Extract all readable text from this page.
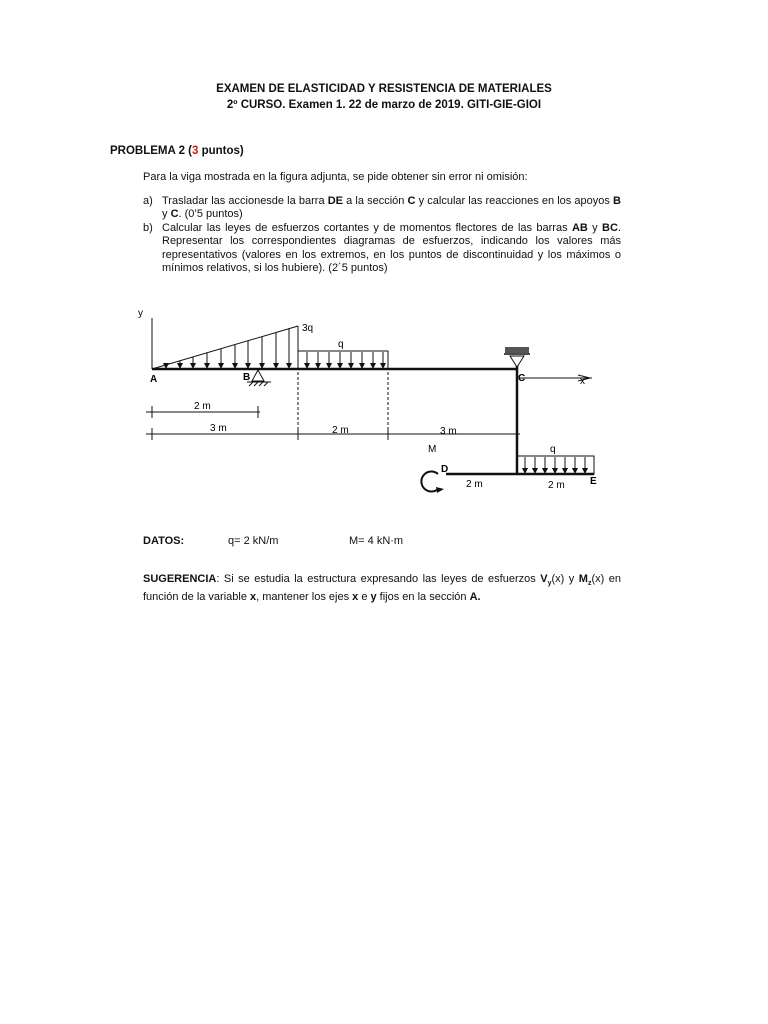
EXAMEN DE ELASTICIDAD Y RESISTENCIA DE MATERIALES
2º CURSO. Examen 1. 22 de marzo de 2019. GITI-GIE-GIOI
PROBLEMA 2 (3 puntos)
Para la viga mostrada en la figura adjunta, se pide obtener sin error ni omisión:
a) Trasladar las accionesde la barra DE a la sección C y calcular las reacciones en los apoyos B y C. (0’5 puntos)
b) Calcular las leyes de esfuerzos cortantes y de momentos flectores de las barras AB y BC. Representar los correspondientes diagramas de esfuerzos, indicando los valores más representativos (valores en los extremos, en los puntos de discontinuidad y los máximos o mínimos relativos, si los hubiere). (2´5 puntos)
y
x
3q
q
q
M
A	B	C
D
E
2 m
3 m	2 m	3 m
2 m	2 m
DATOS:	q= 2 kN/m	M= 4 kN·m
SUGERENCIA: Si se estudia la estructura expresando las leyes de esfuerzos $V_y(x)$ y $M_z(x)$ en función de la variable x, mantener los ejes x e y fijos en la sección A.
